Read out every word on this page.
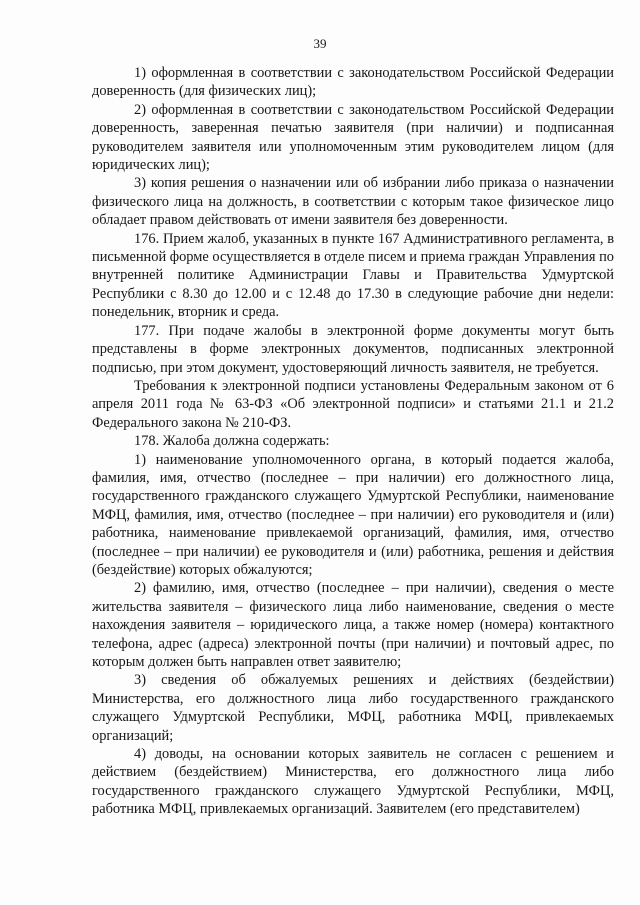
39

1) оформленная в соответствии с законодательством Российской Федерации доверенность (для физических лиц);

2) оформленная в соответствии с законодательством Российской Федерации доверенность, заверенная печатью заявителя (при наличии) и подписанная руководителем заявителя или уполномоченным этим руководителем лицом (для юридических лиц);

3) копия решения о назначении или об избрании либо приказа о назначении физического лица на должность, в соответствии с которым такое физическое лицо обладает правом действовать от имени заявителя без доверенности.

176. Прием жалоб, указанных в пункте 167 Административного регламента, в письменной форме осуществляется в отделе писем и приема граждан Управления по внутренней политике Администрации Главы и Правительства Удмуртской Республики с 8.30 до 12.00 и с 12.48 до 17.30 в следующие рабочие дни недели: понедельник, вторник и среда.

177. При подаче жалобы в электронной форме документы могут быть представлены в форме электронных документов, подписанных электронной подписью, при этом документ, удостоверяющий личность заявителя, не требуется.

Требования к электронной подписи установлены Федеральным законом от 6 апреля 2011 года № 63-ФЗ «Об электронной подписи» и статьями 21.1 и 21.2 Федерального закона № 210-ФЗ.

178. Жалоба должна содержать:

1) наименование уполномоченного органа, в который подается жалоба, фамилия, имя, отчество (последнее – при наличии) его должностного лица, государственного гражданского служащего Удмуртской Республики, наименование МФЦ, фамилия, имя, отчество (последнее – при наличии) его руководителя и (или) работника, наименование привлекаемой организаций, фамилия, имя, отчество (последнее – при наличии) ее руководителя и (или) работника, решения и действия (бездействие) которых обжалуются;

2) фамилию, имя, отчество (последнее – при наличии), сведения о месте жительства заявителя – физического лица либо наименование, сведения о месте нахождения заявителя – юридического лица, а также номер (номера) контактного телефона, адрес (адреса) электронной почты (при наличии) и почтовый адрес, по которым должен быть направлен ответ заявителю;

3) сведения об обжалуемых решениях и действиях (бездействии) Министерства, его должностного лица либо государственного гражданского служащего Удмуртской Республики, МФЦ, работника МФЦ, привлекаемых организаций;

4) доводы, на основании которых заявитель не согласен с решением и действием (бездействием) Министерства, его должностного лица либо государственного гражданского служащего Удмуртской Республики, МФЦ, работника МФЦ, привлекаемых организаций. Заявителем (его представителем)
